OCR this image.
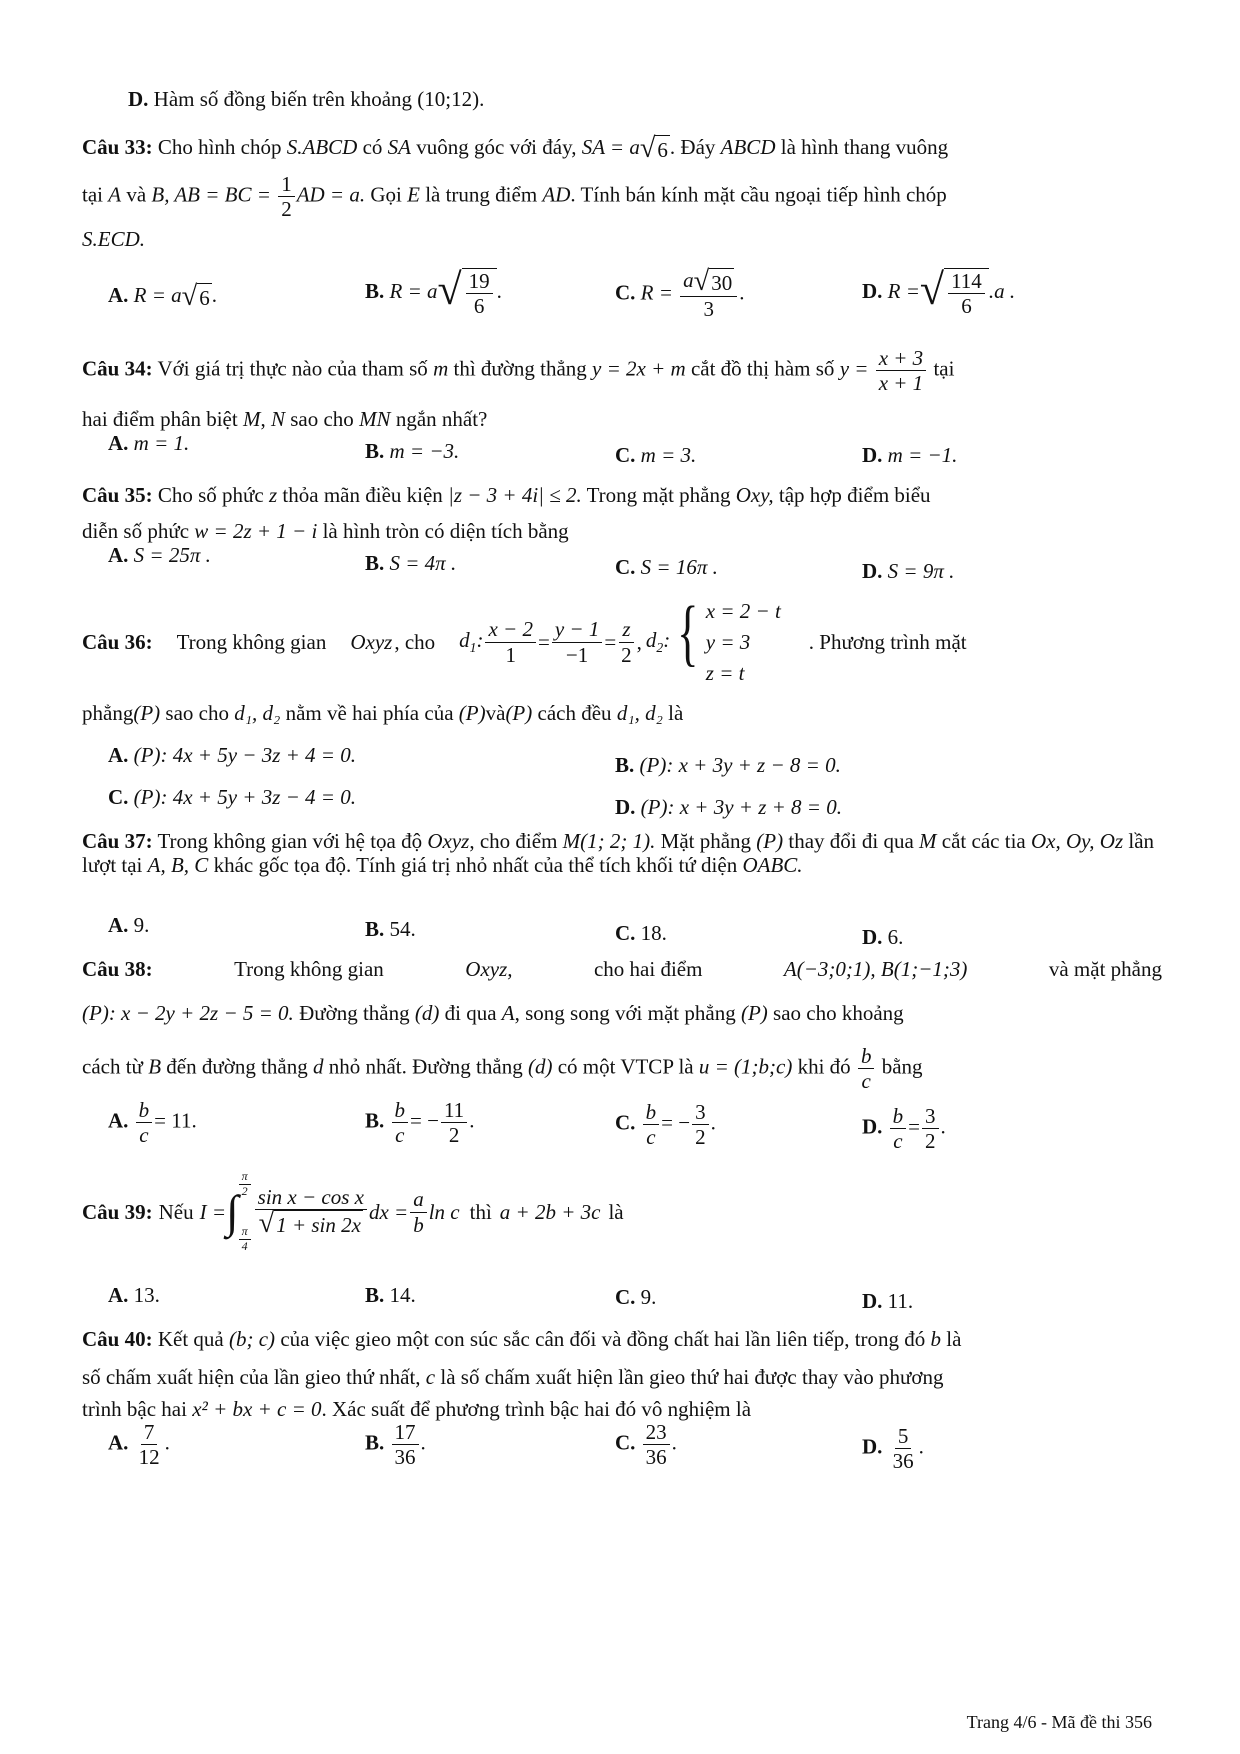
D. Hàm số đồng biến trên khoảng (10;12).
Câu 33: Cho hình chóp S.ABCD có SA vuông góc với đáy, SA = a √ 6 . Đáy ABCD là hình thang vuông
tại A và B, AB = BC = $\frac{1}{2}$ AD = a. Gọi E là trung điểm AD. Tính bán kính mặt cầu ngoại tiếp hình chóp
S.ECD.
A. R = a √ 6 .	B. R = a √ $\frac{19}{6}$ .	C. $R = \frac{a √ 30}{3}$ .	D. R = √ $\frac{114}{6} .a$ .
Câu 34: Với giá trị thực nào của tham số m thì đường thẳng y = 2x + m cắt đồ thị hàm số $y = \frac{x + 3}{x + 1}$ tại
hai điểm phân biệt M, N sao cho MN ngắn nhất?
A. m = 1.	B. m = −3.	C. m = 3.	D. m = −1.
Câu 35: Cho số phức z thỏa mãn điều kiện |z − 3 + 4i| ≤ 2. Trong mặt phẳng Oxy, tập hợp điểm biểu
diễn số phức w = 2z + 1 − i là hình tròn có diện tích bằng
A. S = 25π .	B. S = 4π .	C. S = 16π .	D. S = 9π .
Câu 36: Trong không gian Oxyz , cho $d_1$: $\frac{x - 2}{1} = \frac{y - 1}{-1} = \frac{z}{2}$ , $d_2$: { x = 2 − t
y = 3
z = t
. Phương trình mặt
phẳng(P) sao cho d₁, d₂ nằm về hai phía của (P)và(P) cách đều d₁, d₂ là
A. (P): 4x + 5y − 3z + 4 = 0.	B. (P): x + 3y + z − 8 = 0.
C. (P): 4x + 5y + 3z − 4 = 0.	D. (P): x + 3y + z + 8 = 0.
Câu 37: Trong không gian với hệ tọa độ Oxyz, cho điểm M(1; 2; 1). Mặt phẳng (P) thay đổi đi qua M cắt các tia Ox, Oy, Oz lần lượt tại A, B, C khác gốc tọa độ. Tính giá trị nhỏ nhất của thể tích khối tứ diện OABC.
A. 9.	B. 54.	C. 18.	D. 6.
Câu 38:	Trong không gian	Oxyz,	cho hai điểm	A(−3;0;1), B(1;−1;3)	và mặt phẳng
(P): x − 2y + 2z − 5 = 0. Đường thẳng (d) đi qua A, song song với mặt phẳng (P) sao cho khoảng
cách từ B đến đường thẳng d nhỏ nhất. Đường thẳng (d) có một VTCP là u = (1;b;c) khi đó $\frac{b}{c}$ bằng
A. $\frac{b}{c} = 11$.	B. $\frac{b}{c}$ = − $\frac{11}{2}$ .	C. $\frac{b}{c}$ = − $\frac{3}{2}$ .	D. $\frac{b}{c} = \frac{3}{2}$ .
Câu 39: Nếu I = ∫
$\frac{\pi}{2}$
$\frac{\pi}{4}$
$\frac{\text{sin x − cos x}}{√ 1 + \sin 2x}$ dx = $\frac{a}{b}$ ln c thì a + 2b + 3c là
A. 13.	B. 14.	C. 9.	D. 11.
Câu 40: Kết quả (b; c) của việc gieo một con súc sắc cân đối và đồng chất hai lần liên tiếp, trong đó b là
số chấm xuất hiện của lần gieo thứ nhất, c là số chấm xuất hiện lần gieo thứ hai được thay vào phương
trình bậc hai x² + bx + c = 0. Xác suất để phương trình bậc hai đó vô nghiệm là
A. $\frac{7}{12}$ .	B. $\frac{17}{36}$ .	C. $\frac{23}{36}$ .	D. $\frac{5}{36}$ .
Trang 4/6 - Mã đề thi 356
